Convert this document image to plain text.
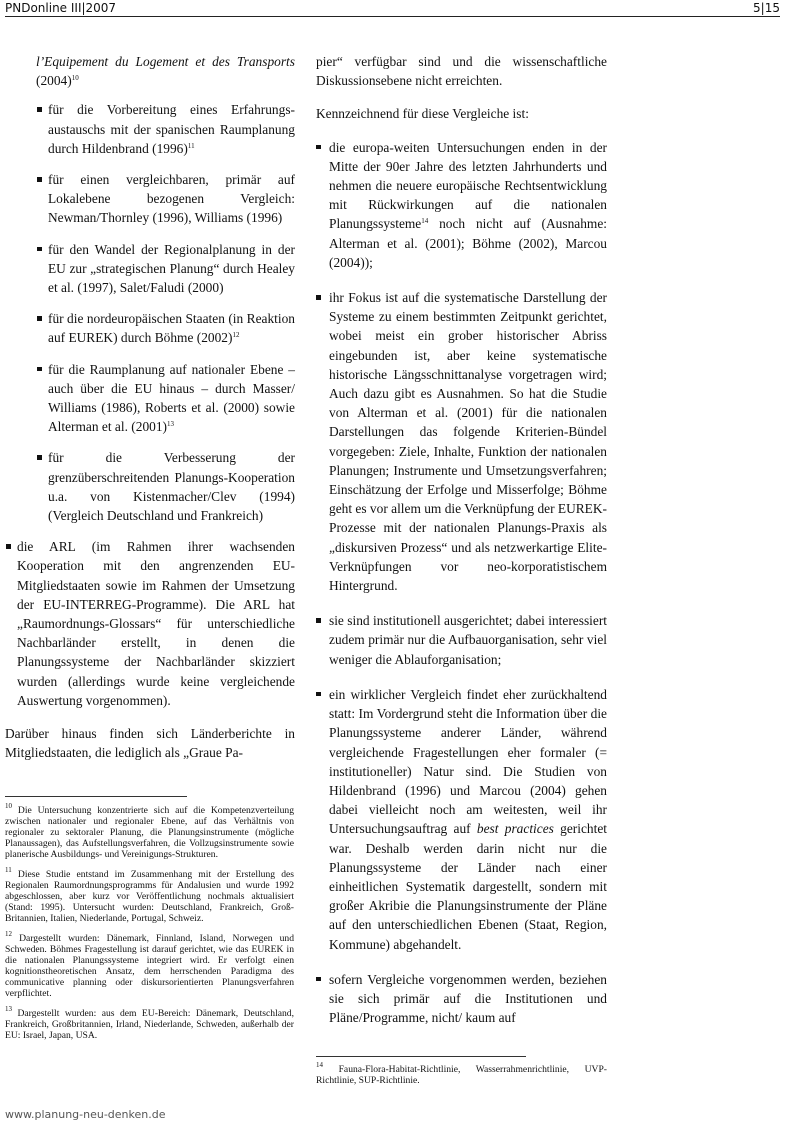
PNDonline III|2007	5|15

l’Equipement du Logement et des Transports $(2004)^{10}$

für die Vorbereitung eines Erfahrungs-austauschs mit der spanischen Raumplanung durch Hildenbrand $(1996)^{11}$
für einen vergleichbaren, primär auf Lokalebene bezogenen Vergleich: Newman/Thornley (1996), Williams (1996)
für den Wandel der Regionalplanung in der EU zur „strategischen Planung“ durch Healey et al. (1997), Salet/Faludi (2000)
für die nordeuropäischen Staaten (in Reaktion auf EUREK) durch Böhme $(2002)^{12}$
für die Raumplanung auf nationaler Ebene – auch über die EU hinaus – durch Masser/ Williams (1986), Roberts et al. (2000) sowie Alterman et al. $(2001)^{13}$
für die Verbesserung der grenzüberschreitenden Planungs-Kooperation u.a. von Kistenmacher/Clev (1994) (Vergleich Deutschland und Frankreich)
die ARL (im Rahmen ihrer wachsenden Kooperation mit den angrenzenden EU-Mitgliedstaaten sowie im Rahmen der Umsetzung der EU-INTERREG-Programme). Die ARL hat „Raumordnungs-Glossars“ für unterschiedliche Nachbarländer erstellt, in denen die Planungssysteme der Nachbarländer skizziert wurden (allerdings wurde keine vergleichende Auswertung vorgenommen).

Darüber hinaus finden sich Länderberichte in Mitgliedstaaten, die lediglich als „Graue Pa-

pier“ verfügbar sind und die wissenschaftliche Diskussionsebene nicht erreichten.

Kennzeichnend für diese Vergleiche ist:

die europa-weiten Untersuchungen enden in der Mitte der 90er Jahre des letzten Jahrhunderts und nehmen die neuere europäische Rechtsentwicklung mit Rückwirkungen auf die nationalen Planungssysteme$^{14}$ noch nicht auf (Ausnahme: Alterman et al. (2001); Böhme (2002), Marcou (2004));
ihr Fokus ist auf die systematische Darstellung der Systeme zu einem bestimmten Zeitpunkt gerichtet, wobei meist ein grober historischer Abriss eingebunden ist, aber keine systematische historische Längsschnittanalyse vorgetragen wird; Auch dazu gibt es Ausnahmen. So hat die Studie von Alterman et al. (2001) für die nationalen Darstellungen das folgende Kriterien-Bündel vorgegeben: Ziele, Inhalte, Funktion der nationalen Planungen; Instrumente und Umsetzungsverfahren; Einschätzung der Erfolge und Misserfolge; Böhme geht es vor allem um die Verknüpfung der EUREK-Prozesse mit der nationalen Planungs-Praxis als „diskursiven Prozess“ und als netzwerkartige Elite-Verknüpfungen vor neo-korporatistischem Hintergrund.
sie sind institutionell ausgerichtet; dabei interessiert zudem primär nur die Aufbauorganisation, sehr viel weniger die Ablauforganisation;
ein wirklicher Vergleich findet eher zurückhaltend statt: Im Vordergrund steht die Information über die Planungssysteme anderer Länder, während vergleichende Fragestellungen eher formaler (= institutioneller) Natur sind. Die Studien von Hildenbrand (1996) und Marcou (2004) gehen dabei vielleicht noch am weitesten, weil ihr Untersuchungsauftrag auf best practices gerichtet war. Deshalb werden darin nicht nur die Planungssysteme der Länder nach einer einheitlichen Systematik dargestellt, sondern mit großer Akribie die Planungsinstrumente der Pläne auf den unterschiedlichen Ebenen (Staat, Region, Kommune) abgehandelt.
sofern Vergleiche vorgenommen werden, beziehen sie sich primär auf die Institutionen und Pläne/Programme, nicht/ kaum auf

$^{10}$ Die Untersuchung konzentrierte sich auf die Kompetenzverteilung zwischen nationaler und regionaler Ebene, auf das Verhältnis von regionaler zu sektoraler Planung, die Planungsinstrumente (mögliche Planaussagen), das Aufstellungsverfahren, die Vollzugsinstrumente sowie planerische Ausbildungs- und Vereinigungs-Strukturen.

$^{11}$ Diese Studie entstand im Zusammenhang mit der Erstellung des Regionalen Raumordnungsprogramms für Andalusien und wurde 1992 abgeschlossen, aber kurz vor Veröffentlichung nochmals aktualisiert (Stand: 1995). Untersucht wurden: Deutschland, Frankreich, Groß-Britannien, Italien, Niederlande, Portugal, Schweiz.

$^{12}$ Dargestellt wurden: Dänemark, Finnland, Island, Norwegen und Schweden. Böhmes Fragestellung ist darauf gerichtet, wie das EUREK in die nationalen Planungssysteme integriert wird. Er verfolgt einen kognitionstheoretischen Ansatz, dem herrschenden Paradigma des communicative planning oder diskursorientierten Planungsverfahren verpflichtet.

$^{13}$ Dargestellt wurden: aus dem EU-Bereich: Dänemark, Deutschland, Frankreich, Großbritannien, Irland, Niederlande, Schweden, außerhalb der EU: Israel, Japan, USA.

$^{14}$ Fauna-Flora-Habitat-Richtlinie, Wasserrahmenrichtlinie, UVP-Richtlinie, SUP-Richtlinie.

www.planung-neu-denken.de
